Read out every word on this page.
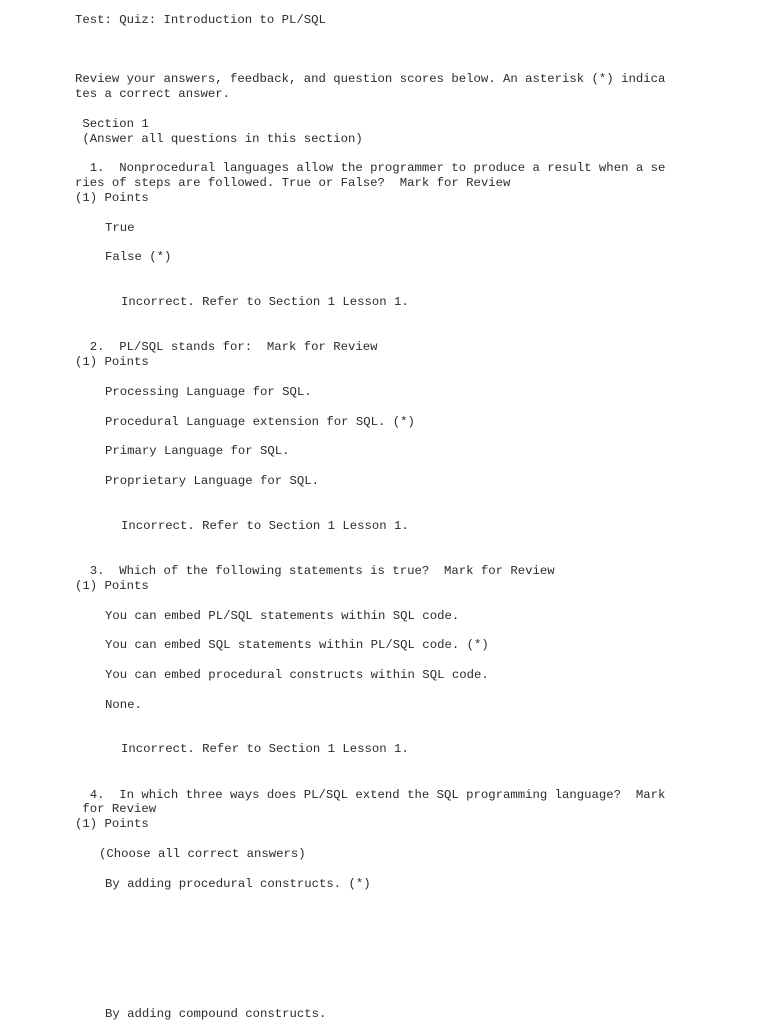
Test: Quiz: Introduction to PL/SQL
Review your answers, feedback, and question scores below. An asterisk (*) indica
tes a correct answer.
Section 1
(Answer all questions in this section)
1.  Nonprocedural languages allow the programmer to produce a result when a se
ries of steps are followed. True or False?  Mark for Review
(1) Points
True
False (*)
Incorrect. Refer to Section 1 Lesson 1.
2.  PL/SQL stands for:  Mark for Review
(1) Points
Processing Language for SQL.
Procedural Language extension for SQL. (*)
Primary Language for SQL.
Proprietary Language for SQL.
Incorrect. Refer to Section 1 Lesson 1.
3.  Which of the following statements is true?  Mark for Review
(1) Points
You can embed PL/SQL statements within SQL code.
You can embed SQL statements within PL/SQL code. (*)
You can embed procedural constructs within SQL code.
None.
Incorrect. Refer to Section 1 Lesson 1.
4.  In which three ways does PL/SQL extend the SQL programming language?  Mark
for Review
(1) Points
(Choose all correct answers)
By adding procedural constructs. (*)
By adding compound constructs.
